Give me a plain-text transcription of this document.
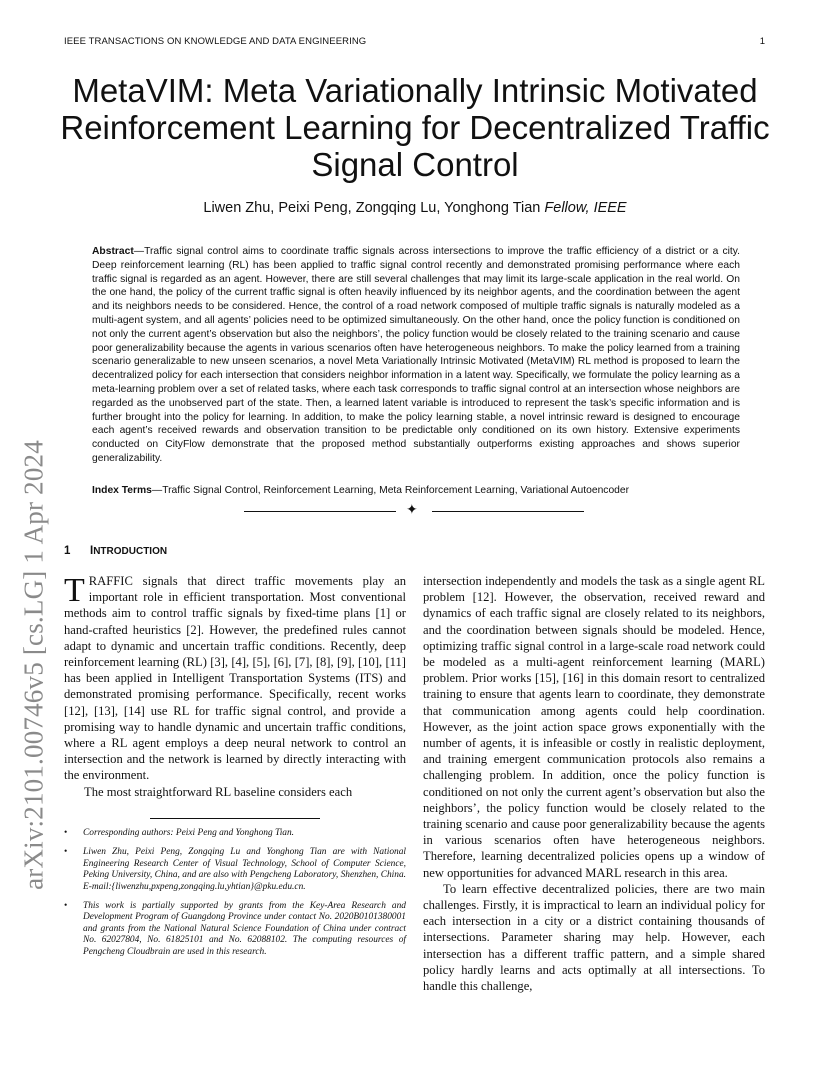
IEEE TRANSACTIONS ON KNOWLEDGE AND DATA ENGINEERING	1
MetaVIM: Meta Variationally Intrinsic Motivated Reinforcement Learning for Decentralized Traffic Signal Control
Liwen Zhu, Peixi Peng, Zongqing Lu, Yonghong Tian Fellow, IEEE

Abstract—Traffic signal control aims to coordinate traffic signals across intersections to improve the traffic efficiency of a district or a city. Deep reinforcement learning (RL) has been applied to traffic signal control recently and demonstrated promising performance where each traffic signal is regarded as an agent. However, there are still several challenges that may limit its large-scale application in the real world. On the one hand, the policy of the current traffic signal is often heavily influenced by its neighbor agents, and the coordination between the agent and its neighbors needs to be considered. Hence, the control of a road network composed of multiple traffic signals is naturally modeled as a multi-agent system, and all agents’ policies need to be optimized simultaneously. On the other hand, once the policy function is conditioned on not only the current agent’s observation but also the neighbors’, the policy function would be closely related to the training scenario and cause poor generalizability because the agents in various scenarios often have heterogeneous neighbors. To make the policy learned from a training scenario generalizable to new unseen scenarios, a novel Meta Variationally Intrinsic Motivated (MetaVIM) RL method is proposed to learn the decentralized policy for each intersection that considers neighbor information in a latent way. Specifically, we formulate the policy learning as a meta-learning problem over a set of related tasks, where each task corresponds to traffic signal control at an intersection whose neighbors are regarded as the unobserved part of the state. Then, a learned latent variable is introduced to represent the task’s specific information and is further brought into the policy for learning. In addition, to make the policy learning stable, a novel intrinsic reward is designed to encourage each agent’s received rewards and observation transition to be predictable only conditioned on its own history. Extensive experiments conducted on CityFlow demonstrate that the proposed method substantially outperforms existing approaches and shows superior generalizability.

Index Terms—Traffic Signal Control, Reinforcement Learning, Meta Reinforcement Learning, Variational Autoencoder

✦
arXiv:2101.00746v5 [cs.LG] 1 Apr 2024 1 INTRODUCTION

TRAFFIC signals that direct traffic movements play an important role in efficient transportation. Most conventional methods aim to control traffic signals by fixed-time plans [1] or hand-crafted heuristics [2]. However, the predefined rules cannot adapt to dynamic and uncertain traffic conditions. Recently, deep reinforcement learning (RL) [3], [4], [5], [6], [7], [8], [9], [10], [11] has been applied in Intelligent Transportation Systems (ITS) and demonstrated promising performance. Specifically, recent works [12], [13], [14] use RL for traffic signal control, and provide a promising way to handle dynamic and uncertain traffic conditions, where a RL agent employs a deep neural network to control an intersection and the network is learned by directly interacting with the environment.

The most straightforward RL baseline considers each

• Corresponding authors: Peixi Peng and Yonghong Tian.
• Liwen Zhu, Peixi Peng, Zongqing Lu and Yonghong Tian are with National Engineering Research Center of Visual Technology, School of Computer Science, Peking University, China, and are also with Pengcheng Laboratory, Shenzhen, China. E-mail:{liwenzhu,pxpeng,zongqing.lu,yhtian}@pku.edu.cn.
• This work is partially supported by grants from the Key-Area Research and Development Program of Guangdong Province under contact No. 2020B0101380001 and grants from the National Natural Science Foundation of China under contract No. 62027804, No. 61825101 and No. 62088102. The computing resources of Pengcheng Cloudbrain are used in this research.

intersection independently and models the task as a single agent RL problem [12]. However, the observation, received reward and dynamics of each traffic signal are closely related to its neighbors, and the coordination between signals should be modeled. Hence, optimizing traffic signal control in a large-scale road network could be modeled as a multi-agent reinforcement learning (MARL) problem. Prior works [15], [16] in this domain resort to centralized training to ensure that agents learn to coordinate, they demonstrate that communication among agents could help coordination. However, as the joint action space grows exponentially with the number of agents, it is infeasible or costly in realistic deployment, and training emergent communication protocols also remains a challenging problem. In addition, once the policy function is conditioned on not only the current agent’s observation but also the neighbors’, the policy function would be closely related to the training scenario and cause poor generalizability because the agents in various scenarios often have heterogeneous neighbors. Therefore, learning decentralized policies opens up a window of new opportunities for advanced MARL research in this area.

To learn effective decentralized policies, there are two main challenges. Firstly, it is impractical to learn an individual policy for each intersection in a city or a district containing thousands of intersections. Parameter sharing may help. However, each intersection has a different traffic pattern, and a simple shared policy hardly learns and acts optimally at all intersections. To handle this challenge,
